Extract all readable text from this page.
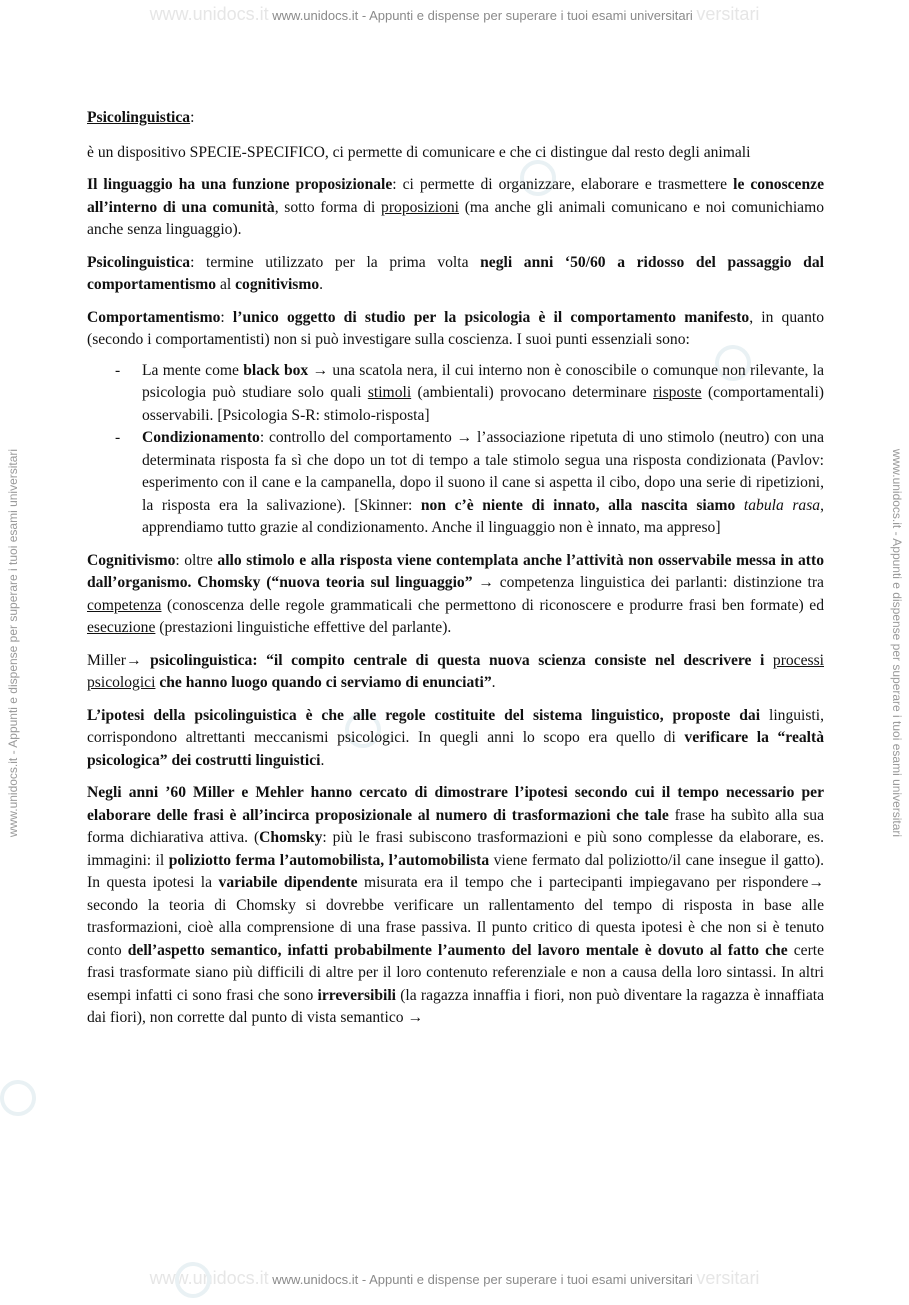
www.unidocs.it www.unidocs.it - Appunti e dispense per superare i tuoi esami universitari versitari
www.unidocs.it www.unidocs.it - Appunti e dispense per superare i tuoi esami universitari versitari
www.unidocs.it - Appunti e dispense per superare i tuoi esami universitari	www.unidocs.it - Appunti e dispense per superare i tuoi esami universitari

Psicolinguistica:

è un dispositivo SPECIE-SPECIFICO, ci permette di comunicare e che ci distingue dal resto degli animali

Il linguaggio ha una funzione proposizionale: ci permette di organizzare, elaborare e trasmettere le conoscenze all’interno di una comunità, sotto forma di proposizioni (ma anche gli animali comunicano e noi comunichiamo anche senza linguaggio).

Psicolinguistica: termine utilizzato per la prima volta negli anni ‘50/60 a ridosso del passaggio dal comportamentismo al cognitivismo.

Comportamentismo: l’unico oggetto di studio per la psicologia è il comportamento manifesto, in quanto (secondo i comportamentisti) non si può investigare sulla coscienza. I suoi punti essenziali sono:

- La mente come black box → una scatola nera, il cui interno non è conoscibile o comunque non rilevante, la psicologia può studiare solo quali stimoli (ambientali) provocano determinare risposte (comportamentali) osservabili. [Psicologia S-R: stimolo-risposta]
- Condizionamento: controllo del comportamento → l’associazione ripetuta di uno stimolo (neutro) con una determinata risposta fa sì che dopo un tot di tempo a tale stimolo segua una risposta condizionata (Pavlov: esperimento con il cane e la campanella, dopo il suono il cane si aspetta il cibo, dopo una serie di ripetizioni, la risposta era la salivazione). [Skinner: non c’è niente di innato, alla nascita siamo tabula rasa, apprendiamo tutto grazie al condizionamento. Anche il linguaggio non è innato, ma appreso]

Cognitivismo: oltre allo stimolo e alla risposta viene contemplata anche l’attività non osservabile messa in atto dall’organismo. Chomsky (“nuova teoria sul linguaggio” → competenza linguistica dei parlanti: distinzione tra competenza (conoscenza delle regole grammaticali che permettono di riconoscere e produrre frasi ben formate) ed esecuzione (prestazioni linguistiche effettive del parlante).

Miller→ psicolinguistica: “il compito centrale di questa nuova scienza consiste nel descrivere i processi psicologici che hanno luogo quando ci serviamo di enunciati”.

L’ipotesi della psicolinguistica è che alle regole costituite del sistema linguistico, proposte dai linguisti, corrispondono altrettanti meccanismi psicologici. In quegli anni lo scopo era quello di verificare la “realtà psicologica” dei costrutti linguistici.

Negli anni ’60 Miller e Mehler hanno cercato di dimostrare l’ipotesi secondo cui il tempo necessario per elaborare delle frasi è all’incirca proposizionale al numero di trasformazioni che tale frase ha subìto alla sua forma dichiarativa attiva. (Chomsky: più le frasi subiscono trasformazioni e più sono complesse da elaborare, es. immagini: il poliziotto ferma l’automobilista, l’automobilista viene fermato dal poliziotto/il cane insegue il gatto). In questa ipotesi la variabile dipendente misurata era il tempo che i partecipanti impiegavano per rispondere→ secondo la teoria di Chomsky si dovrebbe verificare un rallentamento del tempo di risposta in base alle trasformazioni, cioè alla comprensione di una frase passiva. Il punto critico di questa ipotesi è che non si è tenuto conto dell’aspetto semantico, infatti probabilmente l’aumento del lavoro mentale è dovuto al fatto che certe frasi trasformate siano più difficili di altre per il loro contenuto referenziale e non a causa della loro sintassi. In altri esempi infatti ci sono frasi che sono irreversibili (la ragazza innaffia i fiori, non può diventare la ragazza è innaffiata dai fiori), non corrette dal punto di vista semantico →
